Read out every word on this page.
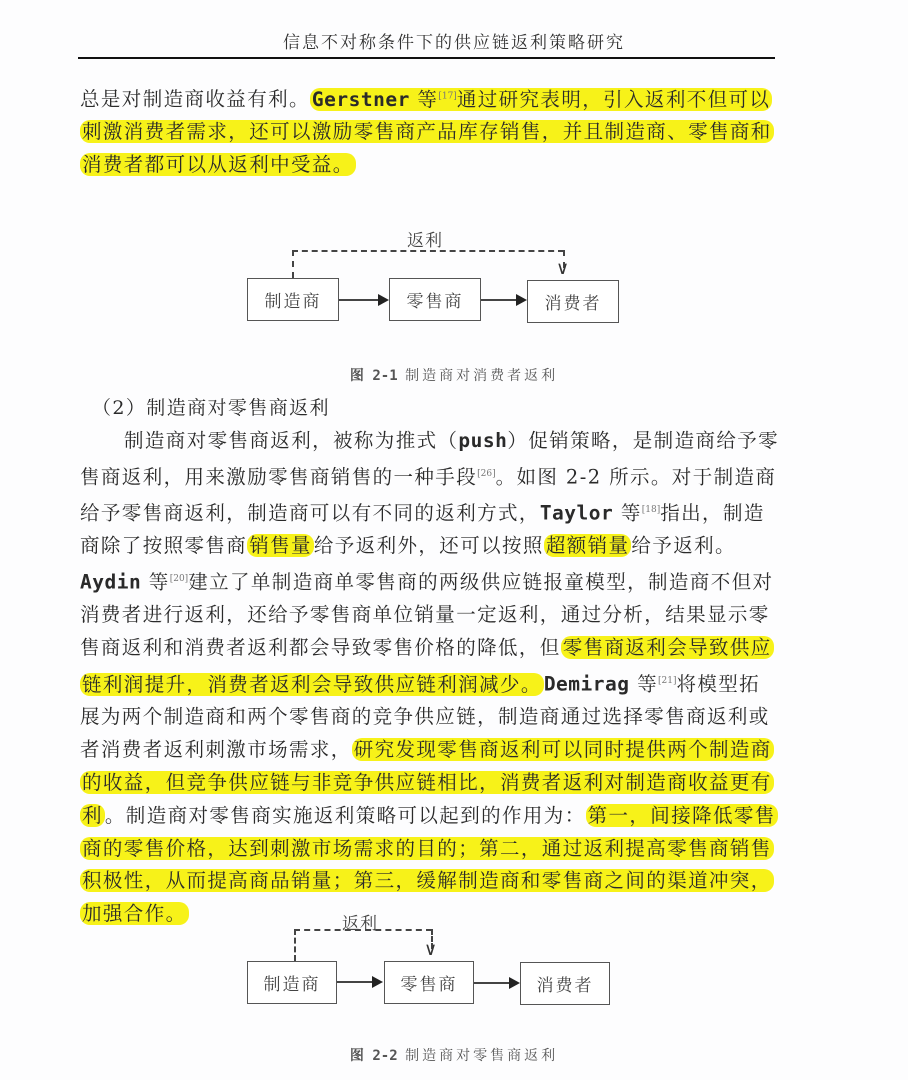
信息不对称条件下的供应链返利策略研究

总是对制造商收益有利。 Gerstner 等[17]通过研究表明，引入返利不但可以刺激消费者需求，还可以激励零售商产品库存销售，并且制造商、零售商和消费者都可以从返利中受益。

返利
∨
制造商	零售商	消费者
图 2-1 制造商对消费者返利
（2）制造商对零售商返利

制造商对零售商返利，被称为推式（push）促销策略，是制造商给予零售商返利，用来激励零售商销售的一种手段[26]。如图 2-2 所示。对于制造商给予零售商返利，制造商可以有不同的返利方式，Taylor 等[18]指出，制造商除了按照零售商 销售量 给予返利外，还可以按照 超额销量 给予返利。Aydin 等[20]建立了单制造商单零售商的两级供应链报童模型，制造商不但对消费者进行返利，还给予零售商单位销量一定返利，通过分析，结果显示零售商返利和消费者返利都会导致零售价格的降低，但 零售商返利会导致供应链利润提升，消费者返利会导致供应链利润减少。 Demirag 等[21]将模型拓展为两个制造商和两个零售商的竞争供应链，制造商通过选择零售商返利或者消费者返利刺激市场需求， 研究发现零售商返利可以同时提供两个制造商的收益，但竞争供应链与非竞争供应链相比，消费者返利对制造商收益更有利 。制造商对零售商实施返利策略可以起到的作用为： 第一，间接降低零售商的零售价格，达到刺激市场需求的目的；第二，通过返利提高零售商销售积极性，从而提高商品销量；第三，缓解制造商和零售商之间的渠道冲突，加强合作。	返利
∨
制造商	零售商	消费者
图 2-2 制造商对零售商返利
